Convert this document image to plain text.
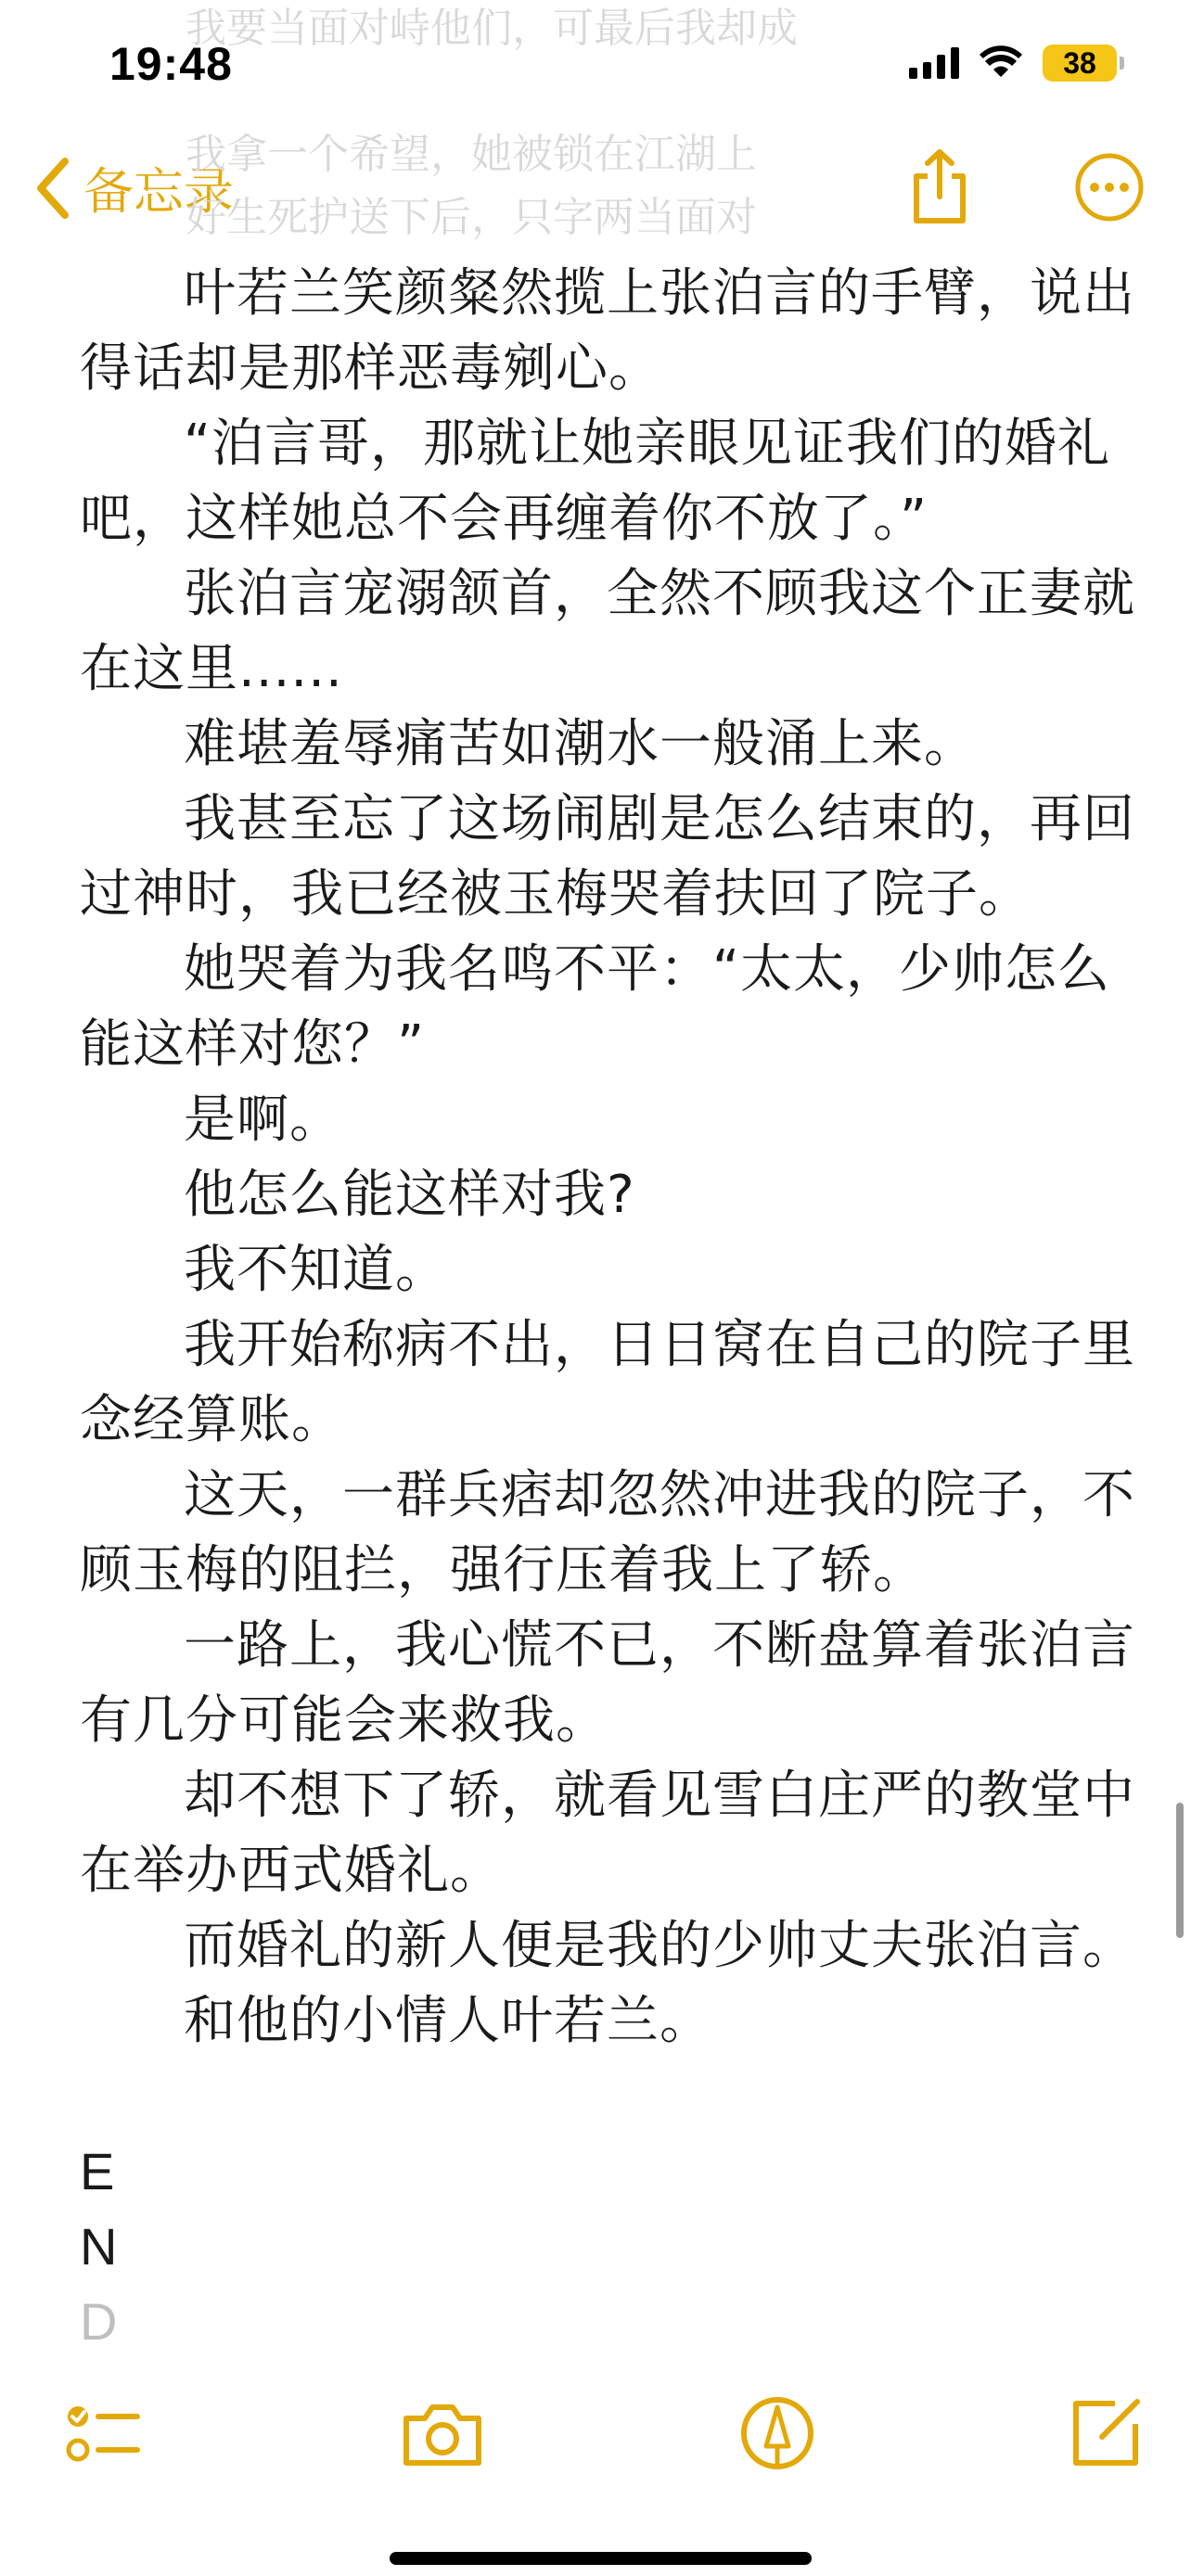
我要当面对峙他们，可最后我却成
19:48	38
备忘录
我拿一个希望，她被锁在江湖上
好生死护送下后，只字两当面对

叶若兰笑颜粲然揽上张泊言的手臂，说出得话却是那样恶毒剜心。

“泊言哥，那就让她亲眼见证我们的婚礼吧，这样她总不会再缠着你不放了。”

张泊言宠溺颔首，全然不顾我这个正妻就在这里......

难堪羞辱痛苦如潮水一般涌上来。

我甚至忘了这场闹剧是怎么结束的，再回过神时，我已经被玉梅哭着扶回了院子。

她哭着为我名鸣不平：“太太，少帅怎么能这样对您？”

是啊。

他怎么能这样对我?

我不知道。

我开始称病不出，日日窝在自己的院子里念经算账。

这天，一群兵痞却忽然冲进我的院子，不顾玉梅的阻拦，强行压着我上了轿。

一路上，我心慌不已，不断盘算着张泊言有几分可能会来救我。

却不想下了轿，就看见雪白庄严的教堂中在举办西式婚礼。

而婚礼的新人便是我的少帅丈夫张泊言。

和他的小情人叶若兰。

E

N

D
